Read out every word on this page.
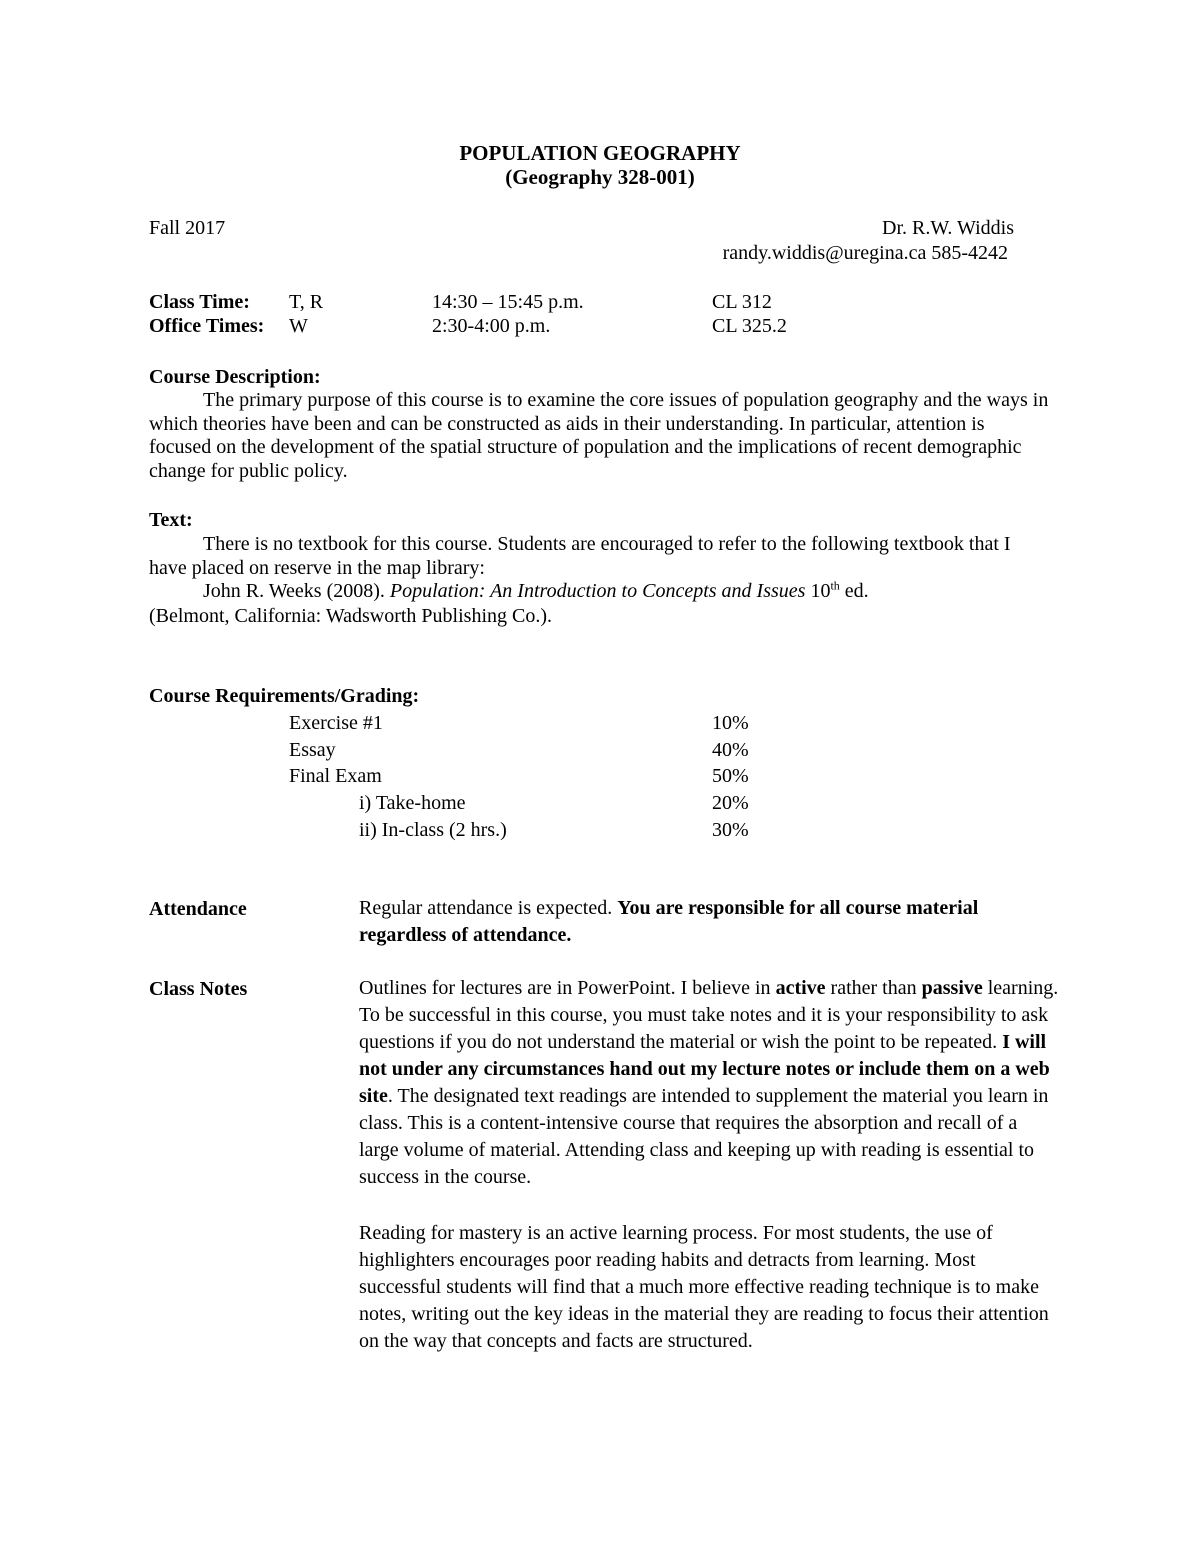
POPULATION GEOGRAPHY
(Geography 328-001)
Fall 2017	Dr. R.W. Widdis
randy.widdis@uregina.ca 585-4242
Class Time: T, R	14:30 – 15:45 p.m.	CL 312
Office Times: W	2:30-4:00 p.m.	CL 325.2
Course Description:
The primary purpose of this course is to examine the core issues of population geography and the ways in which theories have been and can be constructed as aids in their understanding. In particular, attention is focused on the development of the spatial structure of population and the implications of recent demographic change for public policy.
Text:
There is no textbook for this course. Students are encouraged to refer to the following textbook that I have placed on reserve in the map library:
John R. Weeks (2008). Population: An Introduction to Concepts and Issues 10th ed.
(Belmont, California: Wadsworth Publishing Co.).
Course Requirements/Grading:
Exercise #1	10%
Essay	40%
Final Exam	50%
i) Take-home	20%
ii) In-class (2 hrs.)	30%
Attendance	Regular attendance is expected. You are responsible for all course material regardless of attendance.
Class Notes	Outlines for lectures are in PowerPoint. I believe in active rather than passive learning. To be successful in this course, you must take notes and it is your responsibility to ask questions if you do not understand the material or wish the point to be repeated. I will not under any circumstances hand out my lecture notes or include them on a web site. The designated text readings are intended to supplement the material you learn in class. This is a content-intensive course that requires the absorption and recall of a large volume of material. Attending class and keeping up with reading is essential to success in the course.
Reading for mastery is an active learning process. For most students, the use of highlighters encourages poor reading habits and detracts from learning. Most successful students will find that a much more effective reading technique is to make notes, writing out the key ideas in the material they are reading to focus their attention on the way that concepts and facts are structured.
